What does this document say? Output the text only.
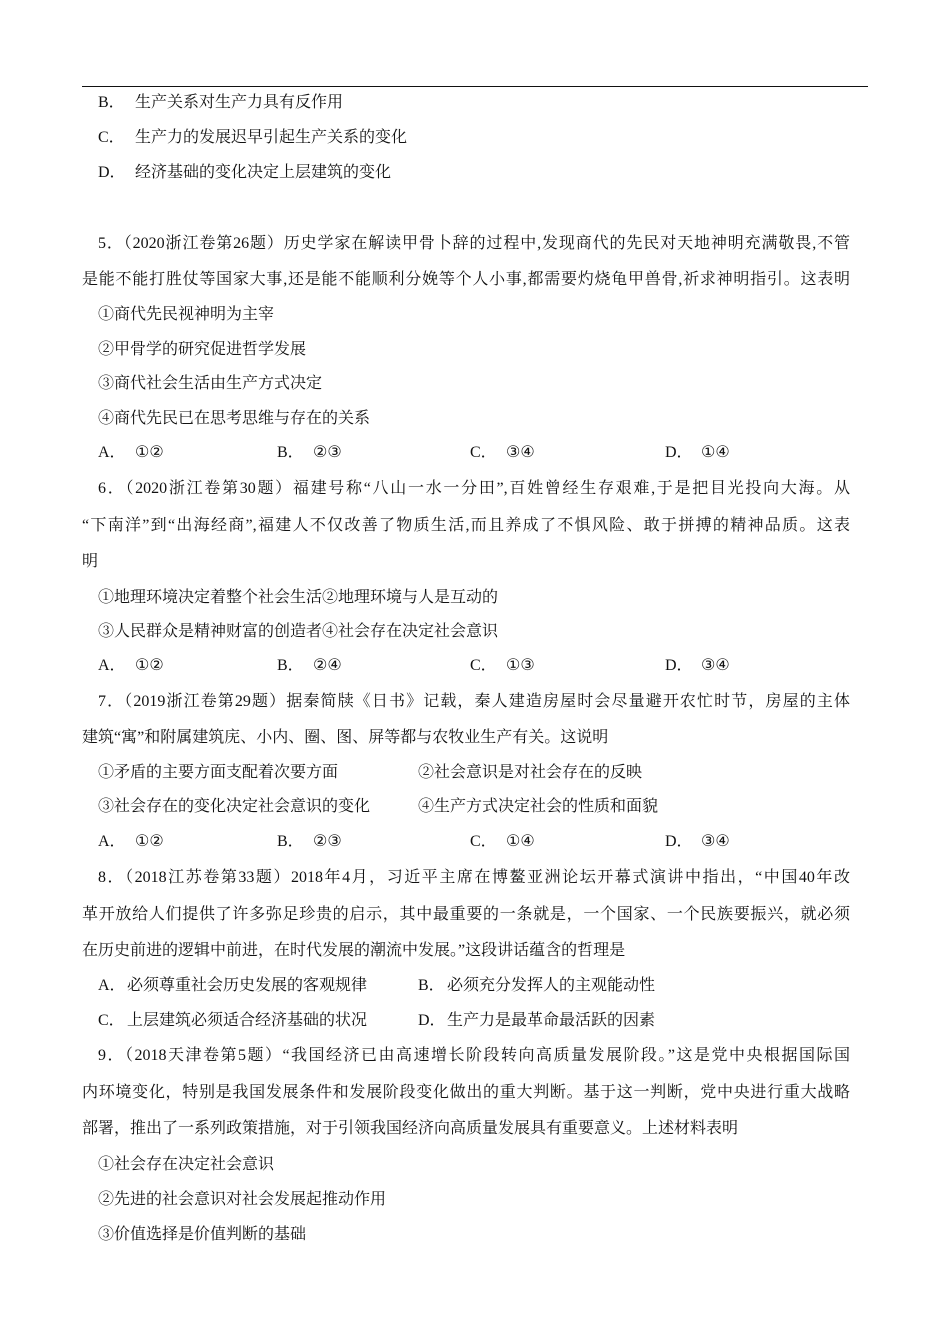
B． 生产关系对生产力具有反作用
C． 生产力的发展迟早引起生产关系的变化
D． 经济基础的变化决定上层建筑的变化
5．（2020浙江卷第26题）历史学家在解读甲骨卜辞的过程中,发现商代的先民对天地神明充满敬畏,不管
是能不能打胜仗等国家大事,还是能不能顺利分娩等个人小事,都需要灼烧龟甲兽骨,祈求神明指引。这表明
①商代先民视神明为主宰
②甲骨学的研究促进哲学发展
③商代社会生活由生产方式决定
④商代先民已在思考思维与存在的关系
A． ①②	B． ②③	C． ③④	D． ①④
6．（2020浙江卷第30题）福建号称“八山一水一分田”,百姓曾经生存艰难,于是把目光投向大海。从
“下南洋”到“出海经商”,福建人不仅改善了物质生活,而且养成了不惧风险、敢于拼搏的精神品质。这表
明
①地理环境决定着整个社会生活②地理环境与人是互动的
③人民群众是精神财富的创造者④社会存在决定社会意识
A． ①②	B． ②④	C． ①③	D． ③④
7．（2019浙江卷第29题）据秦简牍《日书》记载，秦人建造房屋时会尽量避开农忙时节，房屋的主体
建筑“寓”和附属建筑庑、小内、圈、图、屏等都与农牧业生产有关。这说明
①矛盾的主要方面支配着次要方面	②社会意识是对社会存在的反映
③社会存在的变化决定社会意识的变化	④生产方式决定社会的性质和面貌
A． ①②	B． ②③	C． ①④	D． ③④
8．（2018江苏卷第33题）2018年4月，习近平主席在博鳌亚洲论坛开幕式演讲中指出，“中国40年改
革开放给人们提供了许多弥足珍贵的启示，其中最重要的一条就是，一个国家、一个民族要振兴，就必须
在历史前进的逻辑中前进，在时代发展的潮流中发展。”这段讲话蕴含的哲理是
A．必须尊重社会历史发展的客观规律	B． 必须充分发挥人的主观能动性
C． 上层建筑必须适合经济基础的状况	D．生产力是最革命最活跃的因素
9．（2018天津卷第5题）“我国经济已由高速增长阶段转向高质量发展阶段。”这是党中央根据国际国
内环境变化，特别是我国发展条件和发展阶段变化做出的重大判断。基于这一判断，党中央进行重大战略
部署，推出了一系列政策措施，对于引领我国经济向高质量发展具有重要意义。上述材料表明
①社会存在决定社会意识
②先进的社会意识对社会发展起推动作用
③价值选择是价值判断的基础
